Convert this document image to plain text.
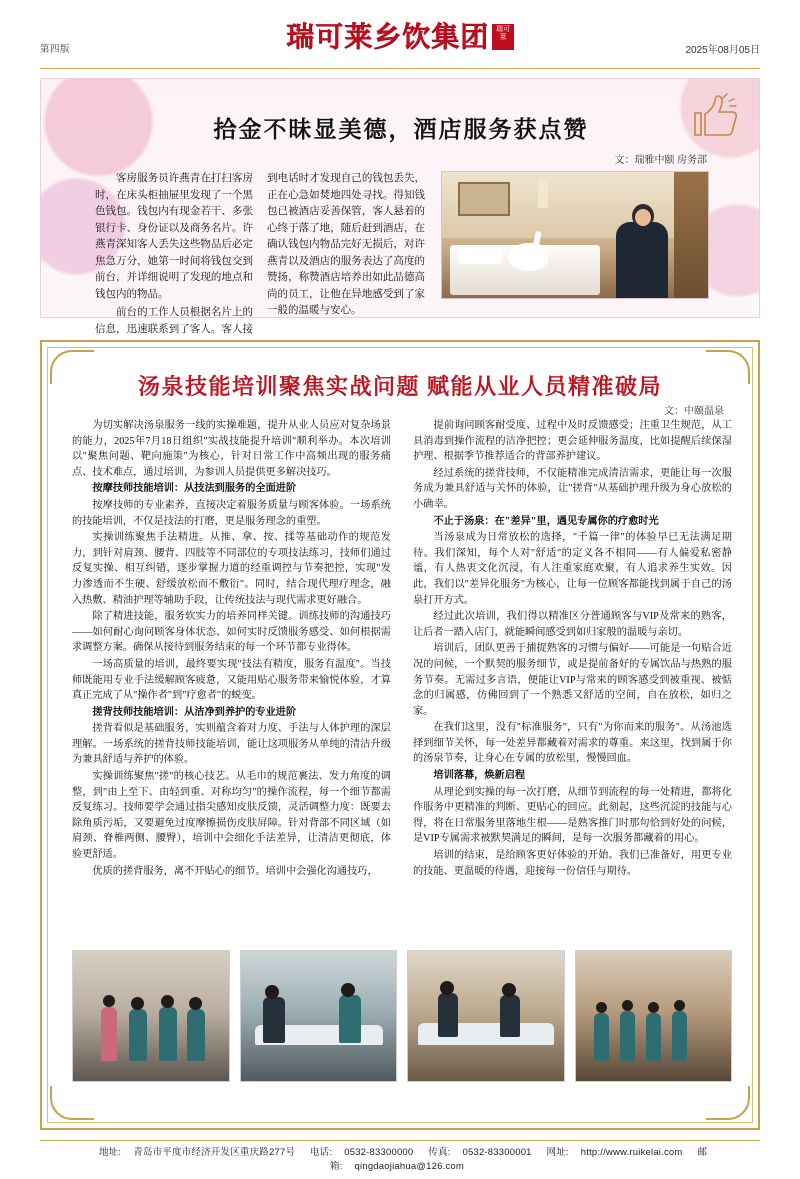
第四版	瑞可莱乡饮集团	瑞可莱
2025年08月05日
拾金不昧显美德，酒店服务获点赞
文：瑞雅中颐 房务部

客房服务员许燕青在打扫客房时，在床头柜抽屉里发现了一个黑色钱包。钱包内有现金若干、多张银行卡、身份证以及商务名片。许燕青深知客人丢失这些物品后必定焦急万分，她第一时间将钱包交到前台，并详细说明了发现的地点和钱包内的物品。

前台的工作人员根据名片上的信息，迅速联系到了客人。客人接到电话时才发现自己的钱包丢失，正在心急如焚地四处寻找。得知钱包已被酒店妥善保管，客人悬着的心终于落了地，随后赶到酒店，在确认钱包内物品完好无损后，对许燕青以及酒店的服务表达了高度的赞扬，称赞酒店培养出如此品德高尚的员工，让他在异地感受到了家一般的温暖与安心。

汤泉技能培训聚焦实战问题 赋能从业人员精准破局
文：中颐温泉

为切实解决汤泉服务一线的实操难题，提升从业人员应对复杂场景的能力，2025年7月18日组织"实战技能提升培训"顺利举办。本次培训以"聚焦问题、靶向施策"为核心，针对日常工作中高频出现的服务痛点、技术难点，通过培训，为参训人员提供更多解决技巧。

按摩技师技能培训：从技法到服务的全面进阶

按摩技师的专业素养，直接决定着服务质量与顾客体验。一场系统的技能培训，不仅是技法的打磨，更是服务理念的重塑。

实操训练聚焦手法精进。从推、拿、按、揉等基础动作的规范发力，到针对肩颈、腰背、四肢等不同部位的专项技法练习，技师们通过反复实操、相互纠错，逐步掌握力道的经重调控与节奏把控，实现"发力渗透而不生硬、舒缓放松而不敷衍"。同时，结合现代理疗理念，融入热敷、精油护理等辅助手段，让传统技法与现代需求更好融合。

除了精进技能，服务软实力的培养同样关键。训练技师的沟通技巧——如何耐心询问顾客身体状态、如何实时反馈服务感受、如何根据需求调整方案。确保从接待到服务结束的每一个环节都专业得体。

一场高质量的培训，最终要实现"技法有精度，服务有温度"。当技师既能用专业手法缓解顾客疲惫，又能用贴心服务带来愉悦体验，才算真正完成了从"操作者"到"疗愈者"的蜕变。

搓背技师技能培训：从洁净到养护的专业进阶

搓背看似是基础服务，实则蕴含着对力度、手法与人体护理的深层理解。一场系统的搓背技师技能培训，能让这项服务从单纯的清洁升级为兼具舒适与养护的体验。

实操训练聚焦"搓"的核心技艺。从毛巾的规范裹法、发力角度的调整，到"由上至下、由轻到重、对称均匀"的操作流程，每一个细节都需反复练习。技师要学会通过指尖感知皮肤反馈，灵活调整力度：既要去除角质污垢，又要避免过度摩擦损伤皮肤屏障。针对背部不同区域（如肩颈、脊椎两侧、腰臀），培训中会细化手法差异，让清洁更彻底，体验更舒适。

优质的搓背服务，离不开贴心的细节。培训中会强化沟通技巧，

提前询问顾客耐受度、过程中及时反馈感受；注重卫生规范，从工具消毒到操作流程的洁净把控；更会延伸服务温度，比如提醒后续保湿护理、根据季节推荐适合的背部养护建议。

经过系统的搓背技师，不仅能精准完成清洁需求，更能让每一次服务成为兼具舒适与关怀的体验，让"搓背"从基础护理升级为身心放松的小确幸。

不止于汤泉：在"差异"里，遇见专属你的疗愈时光

当汤泉成为日常放松的选择，"千篇一律"的体验早已无法满足期待。我们深知，每个人对"舒适"的定义各不相同——有人偏爱私密静谧，有人热衷文化沉浸，有人注重家庭欢聚，有人追求养生实效。因此，我们以"差异化服务"为核心，让每一位顾客都能找到属于自己的汤泉打开方式。

经过此次培训，我们得以精准区分普通顾客与VIP及常来的熟客，让后者一踏入店门，就能瞬间感受到如归家般的温暖与亲切。

培训后，团队更善于捕捉熟客的习惯与偏好——可能是一句贴合近况的问候，一个默契的服务细节，或是提前备好的专属饮品与热熟的服务节奏。无需过多言语，便能让VIP与常来的顾客感受到被重视、被惦念的归属感，仿佛回到了一个熟悉又舒适的空间，自在放松，如归之家。

在我们这里，没有"标准服务"，只有"为你而来的服务"。从汤池选择到细节关怀，每一处差异都藏着对需求的尊重。来这里，找到属于你的汤泉节奏，让身心在专属的放松里，慢慢回血。

培训落幕，焕新启程

从理论到实操的每一次打磨，从细节到流程的每一处精进，都将化作服务中更精准的判断、更贴心的回应。此刻起，这些沉淀的技能与心得，将在日常服务里落地生根——是熟客推门时那句恰到好处的问候，是VIP专属需求被默契满足的瞬间，是每一次服务都藏着的用心。

培训的结束，是给顾客更好体验的开始。我们已准备好，用更专业的技能、更温暖的待遇，迎接每一份信任与期待。

地址: 青岛市平度市经济开发区重庆路277号 电话: 0532-83300000 传真: 0532-83300001 网址: http://www.ruikelai.com 邮箱: qingdaojiahua@126.com
